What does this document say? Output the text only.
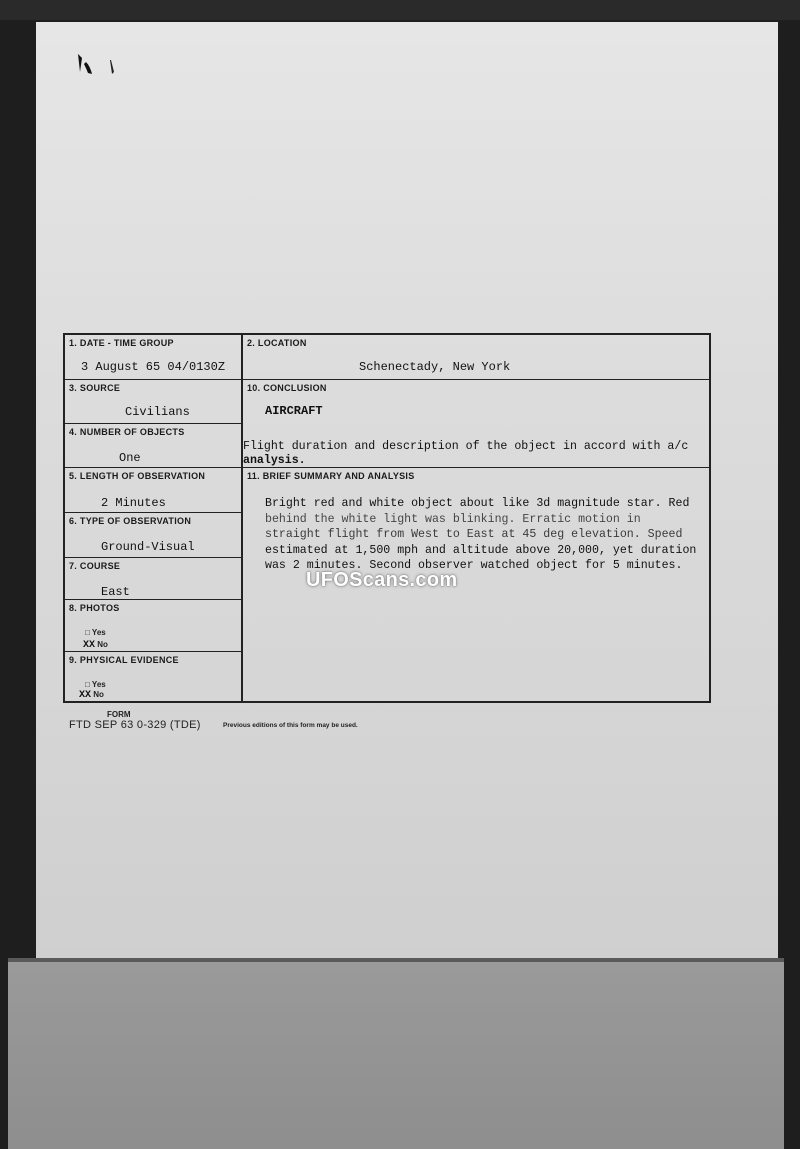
1. DATE - TIME GROUP
3 August 65 04/0130Z
3. SOURCE
Civilians
4. NUMBER OF OBJECTS
One
5. LENGTH OF OBSERVATION
2 Minutes
6. TYPE OF OBSERVATION
Ground-Visual
7. COURSE
East
8. PHOTOS
□ Yes
XX No
9. PHYSICAL EVIDENCE
□ Yes
XX No
2. LOCATION
Schenectady, New York
10. CONCLUSION
AIRCRAFT
Flight duration and description of the object in accord with a/c
analysis.
11. BRIEF SUMMARY AND ANALYSIS
Bright red and white object about like 3d magnitude star. Red
behind the white light was blinking. Erratic motion in
straight flight from West to East at 45 deg elevation. Speed
estimated at 1,500 mph and altitude above 20,000, yet duration
was 2 minutes. Second observer watched object for 5 minutes.
UFOScans.com
FORM
FTD SEP 63 0-329 (TDE)	Previous editions of this form may be used.
